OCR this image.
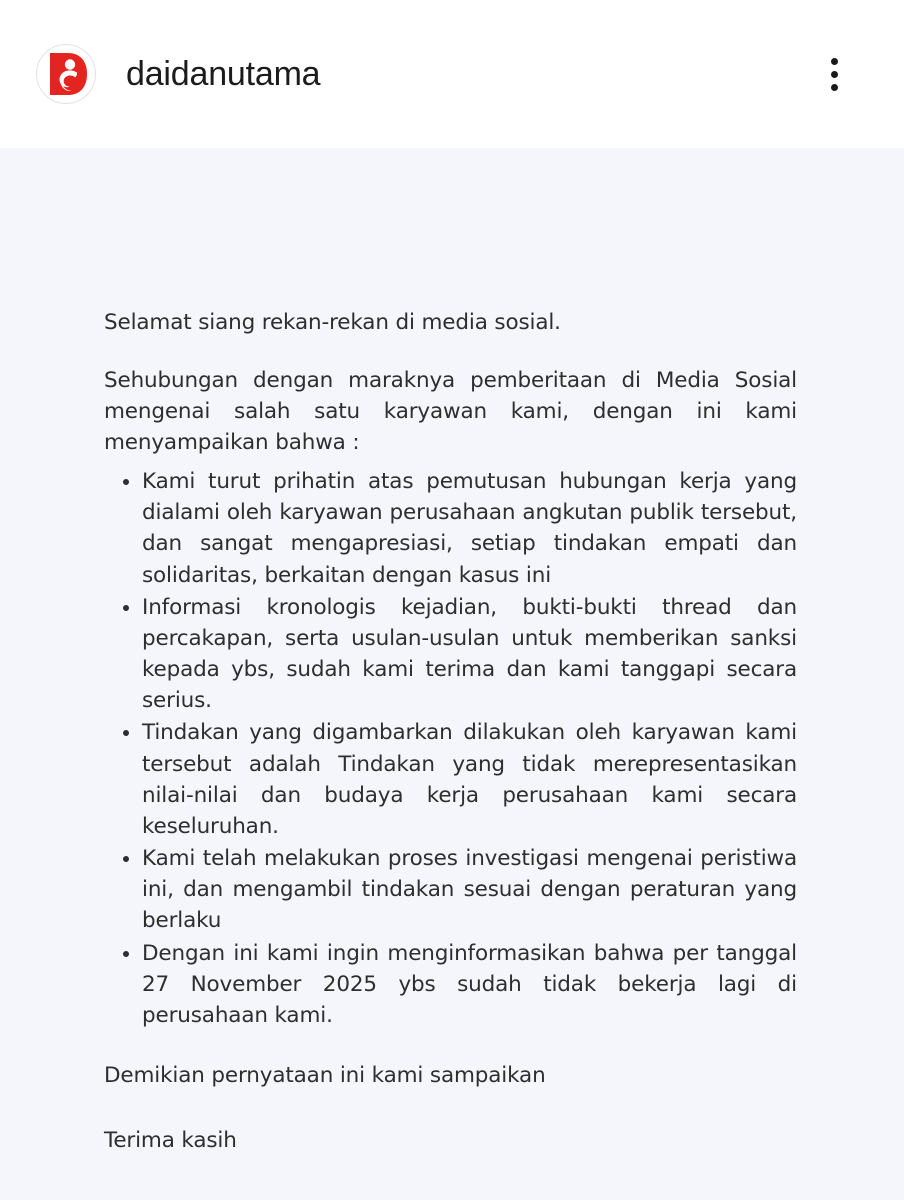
daidanutama
Selamat siang rekan-rekan di media sosial.
Sehubungan dengan maraknya pemberitaan di Media Sosial mengenai salah satu karyawan kami, dengan ini kami menyampaikan bahwa :
Kami turut prihatin atas pemutusan hubungan kerja yang dialami oleh karyawan perusahaan angkutan publik tersebut, dan sangat mengapresiasi, setiap tindakan empati dan solidaritas, berkaitan dengan kasus ini
Informasi kronologis kejadian, bukti-bukti thread dan percakapan, serta usulan-usulan untuk memberikan sanksi kepada ybs, sudah kami terima dan kami tanggapi secara serius.
Tindakan yang digambarkan dilakukan oleh karyawan kami tersebut adalah Tindakan yang tidak merepresentasikan nilai-nilai dan budaya kerja perusahaan kami secara keseluruhan.
Kami telah melakukan proses investigasi mengenai peristiwa ini, dan mengambil tindakan sesuai dengan peraturan yang berlaku
Dengan ini kami ingin menginformasikan bahwa per tanggal 27 November 2025 ybs sudah tidak bekerja lagi di perusahaan kami.
Demikian pernyataan ini kami sampaikan
Terima kasih
